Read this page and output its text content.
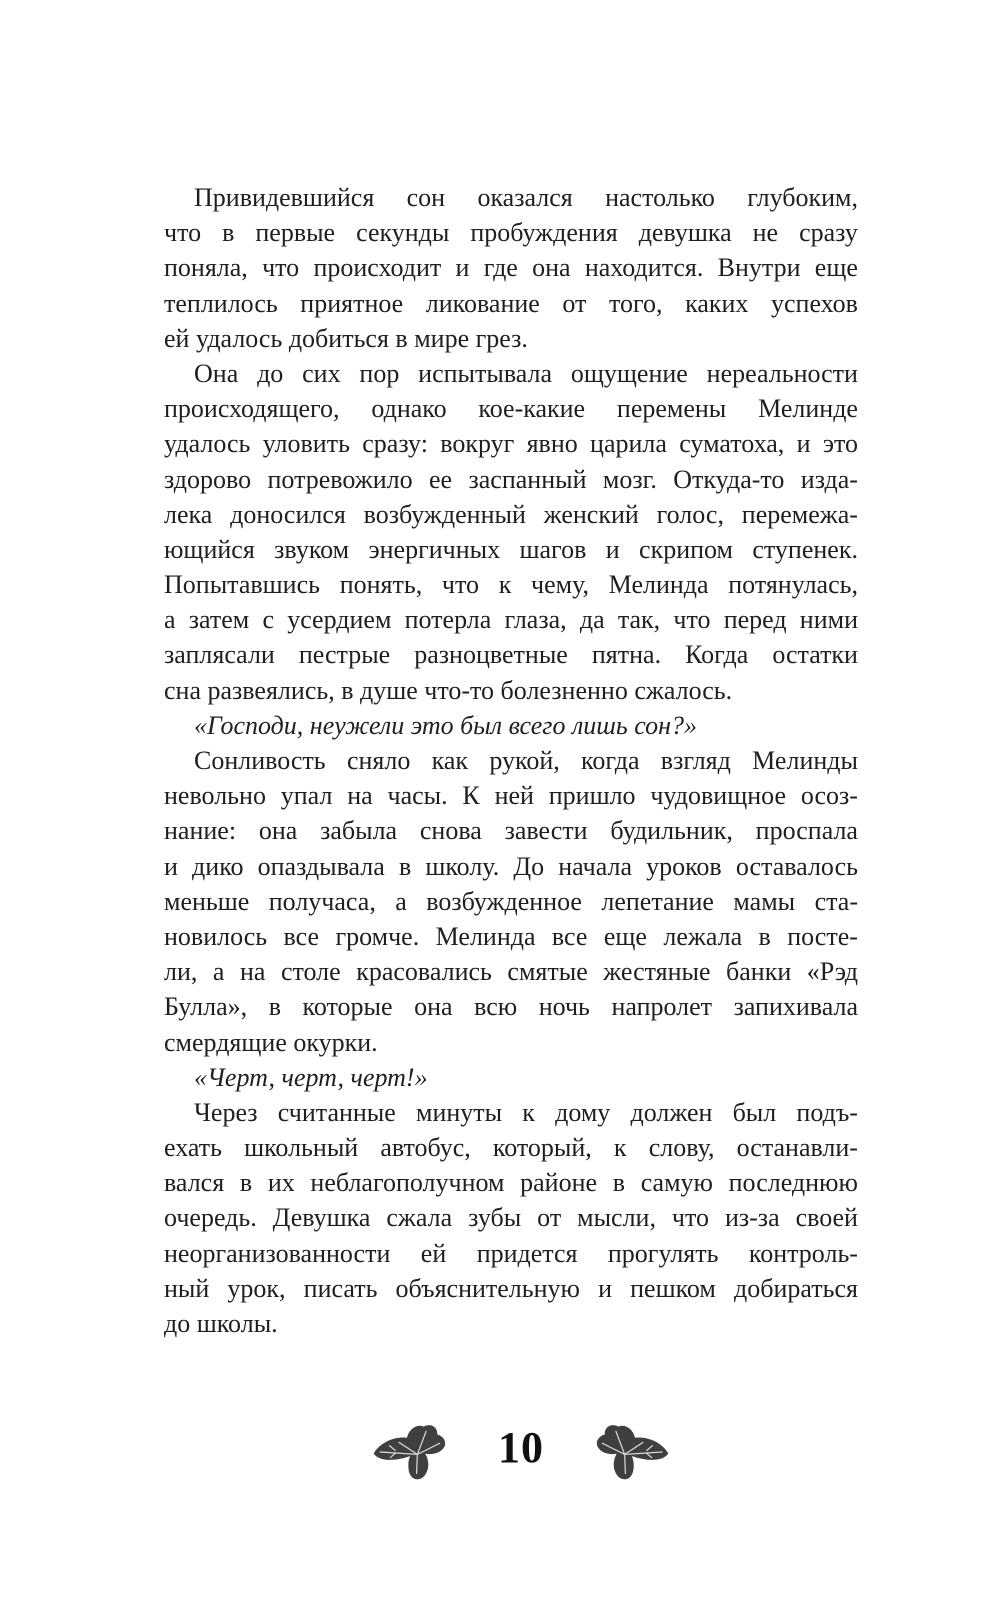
Привидевшийся сон оказался настолько глубоким,
что в первые секунды пробуждения девушка не сразу
поняла, что происходит и где она находится. Внутри еще
теплилось приятное ликование от того, каких успехов
ей удалось добиться в мире грез.
Она до сих пор испытывала ощущение нереальности
происходящего, однако кое-какие перемены Мелинде
удалось уловить сразу: вокруг явно царила суматоха, и это
здорово потревожило ее заспанный мозг. Откуда-то изда-
лека доносился возбужденный женский голос, перемежа-
ющийся звуком энергичных шагов и скрипом ступенек.
Попытавшись понять, что к чему, Мелинда потянулась,
а затем с усердием потерла глаза, да так, что перед ними
заплясали пестрые разноцветные пятна. Когда остатки
сна развеялись, в душе что-то болезненно сжалось.
«Господи, неужели это был всего лишь сон?»
Сонливость сняло как рукой, когда взгляд Мелинды
невольно упал на часы. К ней пришло чудовищное осоз-
нание: она забыла снова завести будильник, проспала
и дико опаздывала в школу. До начала уроков оставалось
меньше получаса, а возбужденное лепетание мамы ста-
новилось все громче. Мелинда все еще лежала в посте-
ли, а на столе красовались смятые жестяные банки «Рэд
Булла», в которые она всю ночь напролет запихивала
смердящие окурки.
«Черт, черт, черт!»
Через считанные минуты к дому должен был подъ-
ехать школьный автобус, который, к слову, останавли-
вался в их неблагополучном районе в самую последнюю
очередь. Девушка сжала зубы от мысли, что из-за своей
неорганизованности ей придется прогулять контроль-
ный урок, писать объяснительную и пешком добираться
до школы.
10
